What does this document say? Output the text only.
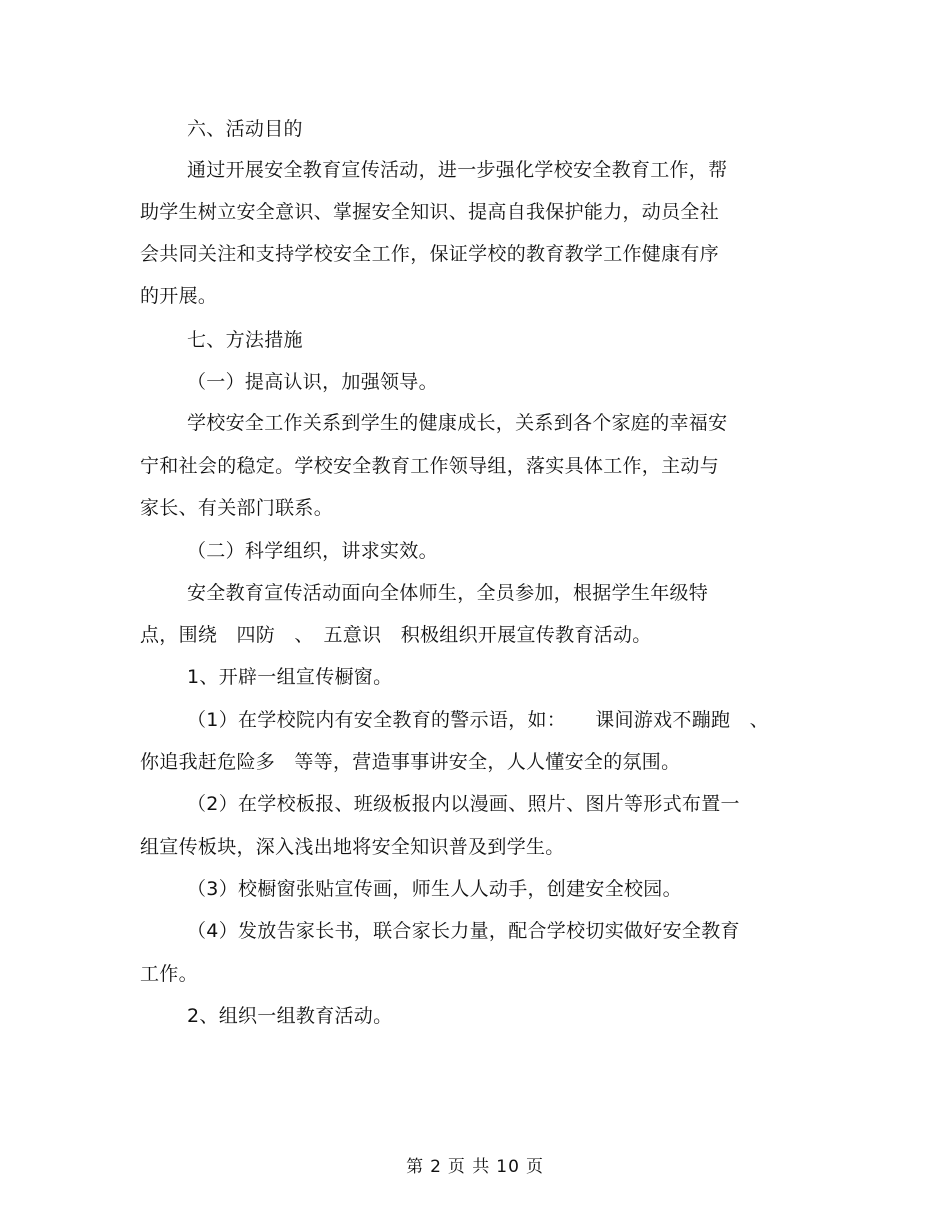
六、活动目的
通过开展安全教育宣传活动，进一步强化学校安全教育工作，帮
助学生树立安全意识、掌握安全知识、提高自我保护能力，动员全社
会共同关注和支持学校安全工作，保证学校的教育教学工作健康有序
的开展。
七、方法措施
（一）提高认识，加强领导。
学校安全工作关系到学生的健康成长，关系到各个家庭的幸福安
宁和社会的稳定。学校安全教育工作领导组，落实具体工作，主动与
家长、有关部门联系。
（二）科学组织，讲求实效。
安全教育宣传活动面向全体师生，全员参加，根据学生年级特
点，围绕　四防　、　五意识　积极组织开展宣传教育活动。
1、开辟一组宣传橱窗。
（1）在学校院内有安全教育的警示语，如：　　课间游戏不蹦跑　、
你追我赶危险多　等等，营造事事讲安全，人人懂安全的氛围。
（2）在学校板报、班级板报内以漫画、照片、图片等形式布置一
组宣传板块，深入浅出地将安全知识普及到学生。
（3）校橱窗张贴宣传画，师生人人动手，创建安全校园。
（4）发放告家长书，联合家长力量，配合学校切实做好安全教育
工作。
2、组织一组教育活动。
第 2 页 共 10 页
